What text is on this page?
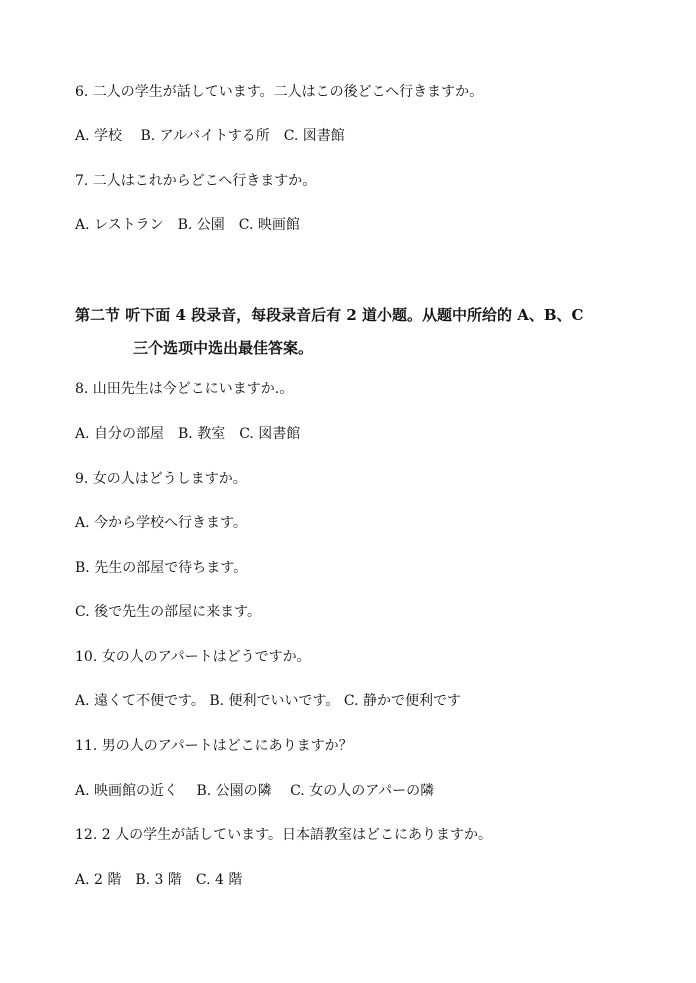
6. 二人の学生が話しています。二人はこの後どこへ行きますか。
A. 学校　 B. アルバイトする所　C. 図書館
7. 二人はこれからどこへ行きますか。
A. レストラン　B. 公園　C. 映画館
第二节 听下面 4 段录音，每段录音后有 2 道小题。从题中所给的 A、B、C
三个选项中选出最佳答案。
8. 山田先生は今どこにいますか.。
A. 自分の部屋　B. 教室　C. 図書館
9. 女の人はどうしますか。
A. 今から学校へ行きます。
B. 先生の部屋で待ちます。
C. 後で先生の部屋に来ます。
10. 女の人のアパートはどうですか。
A. 遠くて不便です。 B. 便利でいいです。 C. 静かで便利です
11. 男の人のアパートはどこにありますか？
A. 映画館の近く　 B. 公園の隣　 C. 女の人のアパーの隣
12. 2 人の学生が話しています。日本語教室はどこにありますか。
A. 2 階　B. 3 階　C. 4 階
